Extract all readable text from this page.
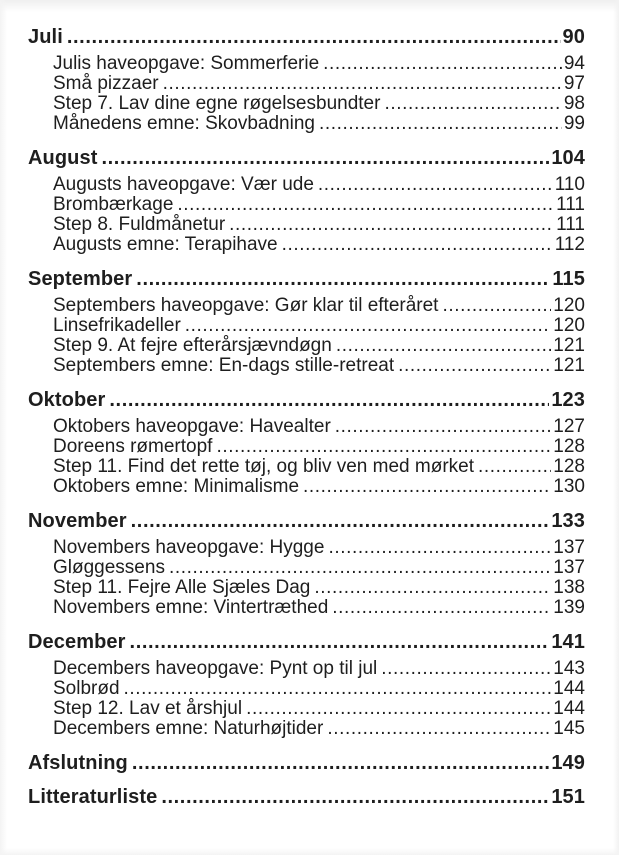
Juli .....	90
Julis haveopgave: Sommerferie .....	94
Små pizzaer .....	97
Step 7. Lav dine egne røgelsesbundter .....	98
Månedens emne: Skovbadning .....	99
August .....	104
Augusts haveopgave: Vær ude .....	110
Brombærkage .....	111
Step 8. Fuldmånetur .....	111
Augusts emne: Terapihave .....	112
September .....	115
Septembers haveopgave: Gør klar til efteråret .....	120
Linsefrikadeller .....	120
Step 9. At fejre efterårsjævndøgn .....	121
Septembers emne: En-dags stille-retreat .....	121
Oktober .....	123
Oktobers haveopgave: Havealter .....	127
Doreens rømertopf .....	128
Step 11. Find det rette tøj, og bliv ven med mørket .....	128
Oktobers emne: Minimalisme .....	130
November .....	133
Novembers haveopgave: Hygge .....	137
Gløggessens .....	137
Step 11. Fejre Alle Sjæles Dag .....	138
Novembers emne: Vintertræthed .....	139
December .....	141
Decembers haveopgave: Pynt op til jul .....	143
Solbrød .....	144
Step 12. Lav et årshjul .....	144
Decembers emne: Naturhøjtider .....	145
Afslutning .....	149
Litteraturliste .....	151
